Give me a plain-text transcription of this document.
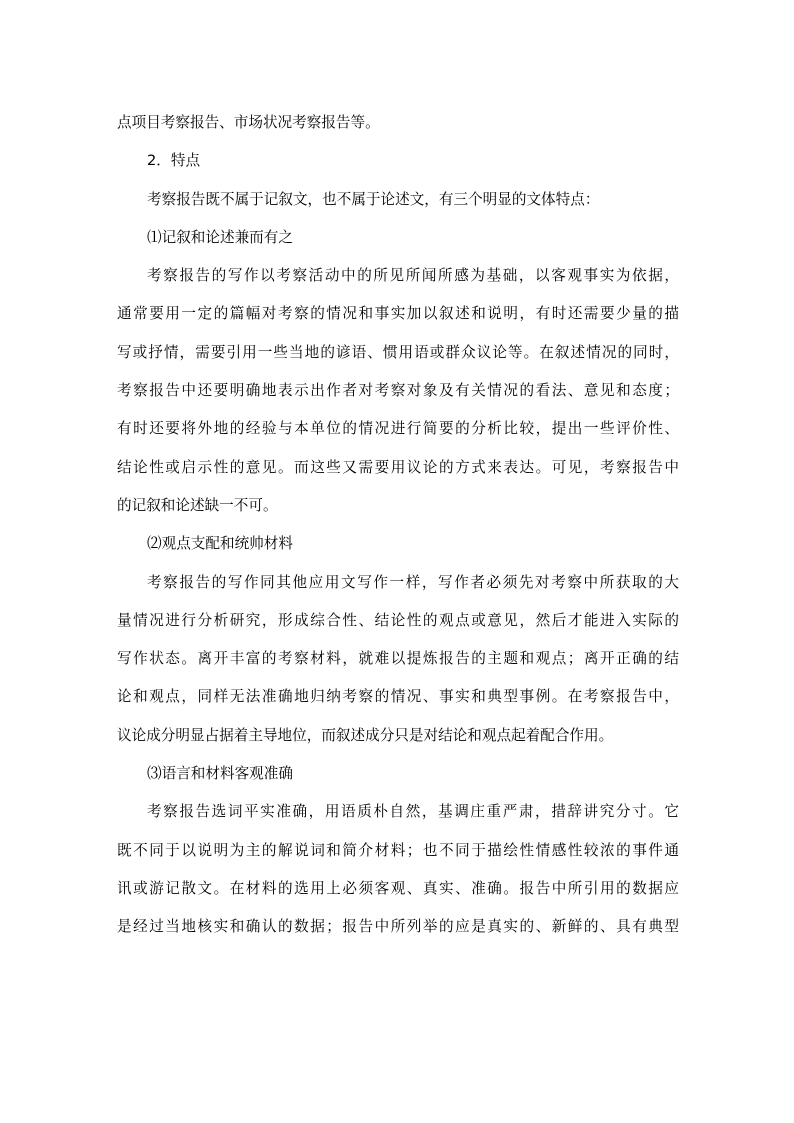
点项目考察报告、市场状况考察报告等。
2．特点
考察报告既不属于记叙文，也不属于论述文，有三个明显的文体特点：
⑴记叙和论述兼而有之
考察报告的写作以考察活动中的所见所闻所感为基础，以客观事实为依据，
通常要用一定的篇幅对考察的情况和事实加以叙述和说明，有时还需要少量的描
写或抒情，需要引用一些当地的谚语、惯用语或群众议论等。在叙述情况的同时，
考察报告中还要明确地表示出作者对考察对象及有关情况的看法、意见和态度；
有时还要将外地的经验与本单位的情况进行简要的分析比较，提出一些评价性、
结论性或启示性的意见。而这些又需要用议论的方式来表达。可见，考察报告中
的记叙和论述缺一不可。
⑵观点支配和统帅材料
考察报告的写作同其他应用文写作一样，写作者必须先对考察中所获取的大
量情况进行分析研究，形成综合性、结论性的观点或意见，然后才能进入实际的
写作状态。离开丰富的考察材料，就难以提炼报告的主题和观点；离开正确的结
论和观点，同样无法准确地归纳考察的情况、事实和典型事例。在考察报告中，
议论成分明显占据着主导地位，而叙述成分只是对结论和观点起着配合作用。
⑶语言和材料客观准确
考察报告选词平实准确，用语质朴自然，基调庄重严肃，措辞讲究分寸。它
既不同于以说明为主的解说词和简介材料；也不同于描绘性情感性较浓的事件通
讯或游记散文。在材料的选用上必须客观、真实、准确。报告中所引用的数据应
是经过当地核实和确认的数据；报告中所列举的应是真实的、新鲜的、具有典型
